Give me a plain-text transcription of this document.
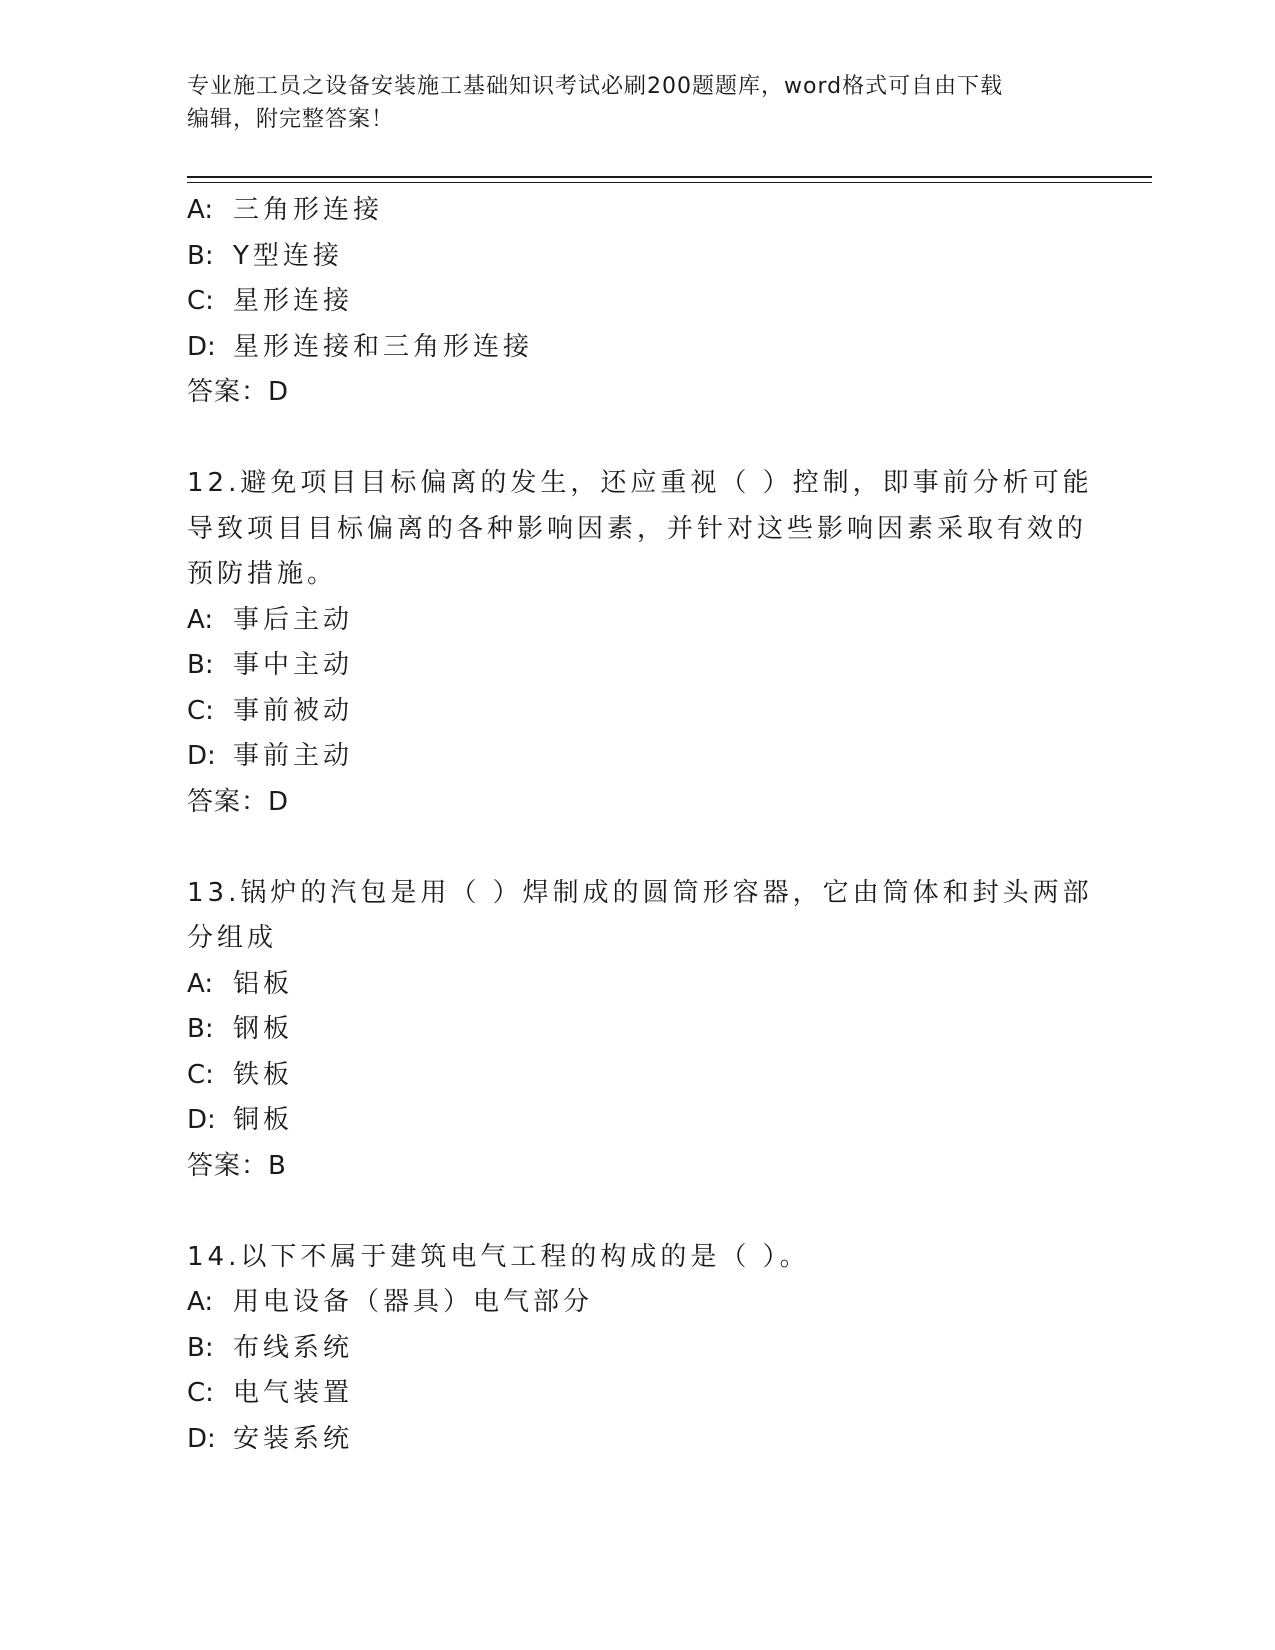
专业施工员之设备安装施工基础知识考试必刷200题题库，word格式可自由下载
编辑，附完整答案！
A: 三角形连接
B: Y型连接
C: 星形连接
D: 星形连接和三角形连接
答案：D
12.避免项目目标偏离的发生，还应重视（ ）控制，即事前分析可能
导致项目目标偏离的各种影响因素，并针对这些影响因素采取有效的
预防措施。
A: 事后主动
B: 事中主动
C: 事前被动
D: 事前主动
答案：D
13.锅炉的汽包是用（ ）焊制成的圆筒形容器，它由筒体和封头两部
分组成
A: 铝板
B: 钢板
C: 铁板
D: 铜板
答案：B
14.以下不属于建筑电气工程的构成的是（ ）。
A: 用电设备（器具）电气部分
B: 布线系统
C: 电气装置
D: 安装系统
